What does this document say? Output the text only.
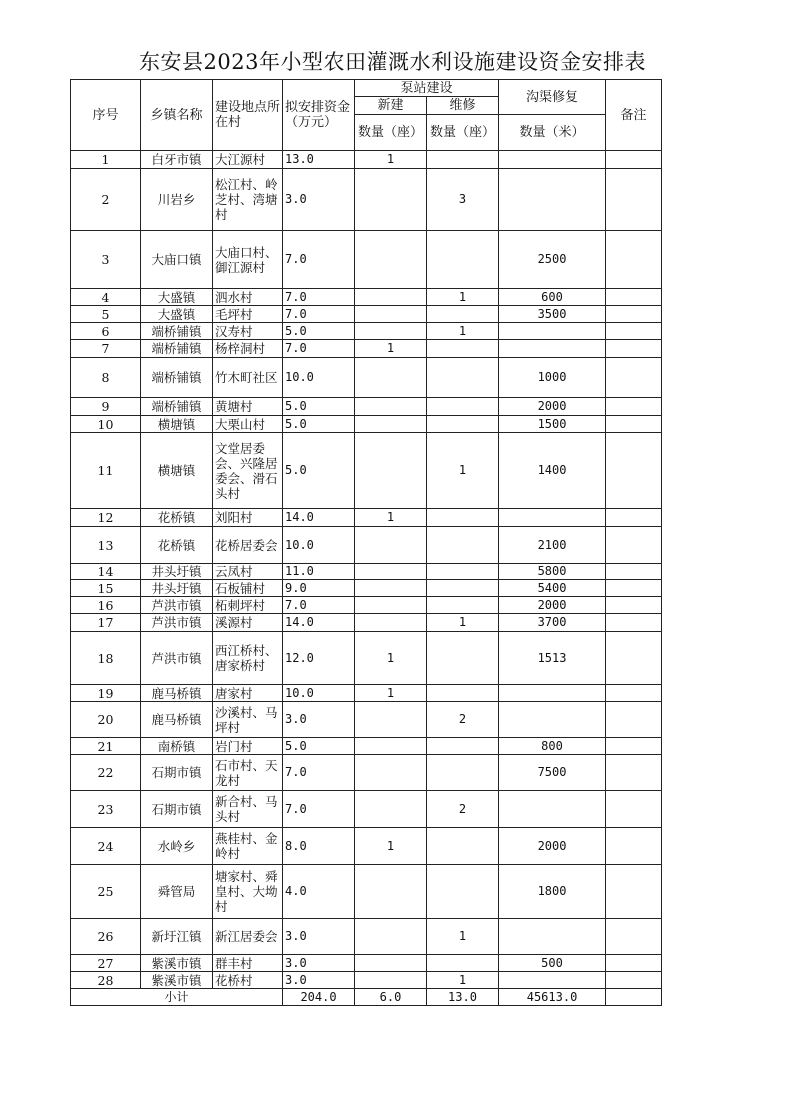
东安县2023年小型农田灌溉水利设施建设资金安排表
序号	乡镇名称	建设地点所在村	拟安排资金（万元）	泵站建设		沟渠修复	备注
				新建	维修		
				数量（座）	数量（座）	数量（米）	
1	白牙市镇	大江源村	13.0	1			
2	川岩乡	松江村、岭芝村、湾塘村	3.0		3		
3	大庙口镇	大庙口村、御江源村	7.0			2500	
4	大盛镇	泗水村	7.0		1	600	
5	大盛镇	毛坪村	7.0			3500	
6	端桥铺镇	汉寿村	5.0		1		
7	端桥铺镇	杨梓洞村	7.0	1			
8	端桥铺镇	竹木町社区	10.0			1000	
9	端桥铺镇	黄塘村	5.0			2000	
10	横塘镇	大栗山村	5.0			1500	
11	横塘镇	文堂居委会、兴隆居委会、滑石头村	5.0		1	1400	
12	花桥镇	刘阳村	14.0	1			
13	花桥镇	花桥居委会	10.0			2100	
14	井头圩镇	云凤村	11.0			5800	
15	井头圩镇	石板铺村	9.0			5400	
16	芦洪市镇	柘刺坪村	7.0			2000	
17	芦洪市镇	溪源村	14.0		1	3700	
18	芦洪市镇	西江桥村、唐家桥村	12.0	1		1513	
19	鹿马桥镇	唐家村	10.0	1			
20	鹿马桥镇	沙溪村、马坪村	3.0		2		
21	南桥镇	岩门村	5.0			800	
22	石期市镇	石市村、天龙村	7.0			7500	
23	石期市镇	新合村、马头村	7.0		2		
24	水岭乡	燕桂村、金岭村	8.0	1		2000	
25	舜管局	塘家村、舜皇村、大坳村	4.0			1800	
26	新圩江镇	新江居委会	3.0		1		
27	紫溪市镇	群丰村	3.0			500	
28	紫溪市镇	花桥村	3.0		1		
小计			204.0	6.0	13.0	45613.0	
